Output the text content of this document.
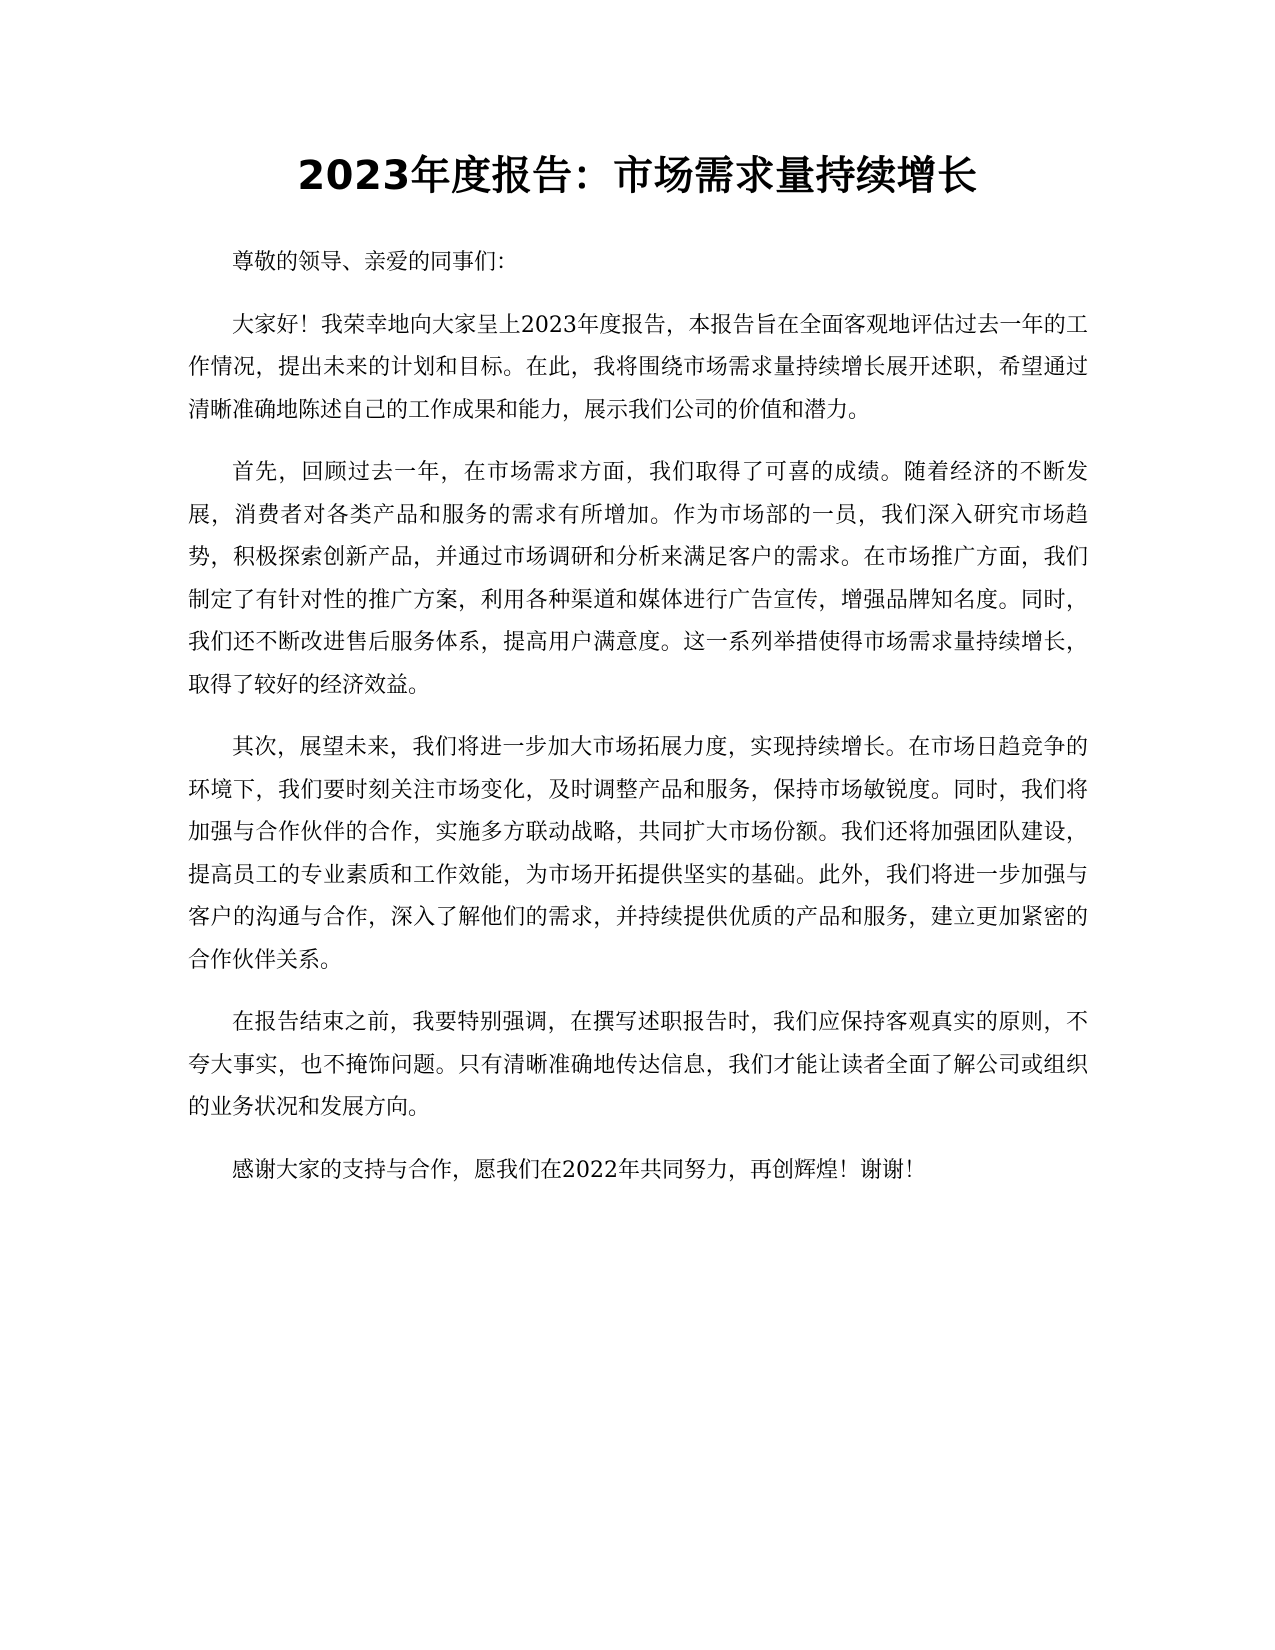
2023年度报告：市场需求量持续增长

尊敬的领导、亲爱的同事们：

大家好！我荣幸地向大家呈上2023年度报告，本报告旨在全面客观地评估过去一年的工作情况，提出未来的计划和目标。在此，我将围绕市场需求量持续增长展开述职，希望通过清晰准确地陈述自己的工作成果和能力，展示我们公司的价值和潜力。

首先，回顾过去一年，在市场需求方面，我们取得了可喜的成绩。随着经济的不断发展，消费者对各类产品和服务的需求有所增加。作为市场部的一员，我们深入研究市场趋势，积极探索创新产品，并通过市场调研和分析来满足客户的需求。在市场推广方面，我们制定了有针对性的推广方案，利用各种渠道和媒体进行广告宣传，增强品牌知名度。同时，我们还不断改进售后服务体系，提高用户满意度。这一系列举措使得市场需求量持续增长，取得了较好的经济效益。

其次，展望未来，我们将进一步加大市场拓展力度，实现持续增长。在市场日趋竞争的环境下，我们要时刻关注市场变化，及时调整产品和服务，保持市场敏锐度。同时，我们将加强与合作伙伴的合作，实施多方联动战略，共同扩大市场份额。我们还将加强团队建设，提高员工的专业素质和工作效能，为市场开拓提供坚实的基础。此外，我们将进一步加强与客户的沟通与合作，深入了解他们的需求，并持续提供优质的产品和服务，建立更加紧密的合作伙伴关系。

在报告结束之前，我要特别强调，在撰写述职报告时，我们应保持客观真实的原则，不夸大事实，也不掩饰问题。只有清晰准确地传达信息，我们才能让读者全面了解公司或组织的业务状况和发展方向。

感谢大家的支持与合作，愿我们在2022年共同努力，再创辉煌！谢谢！
